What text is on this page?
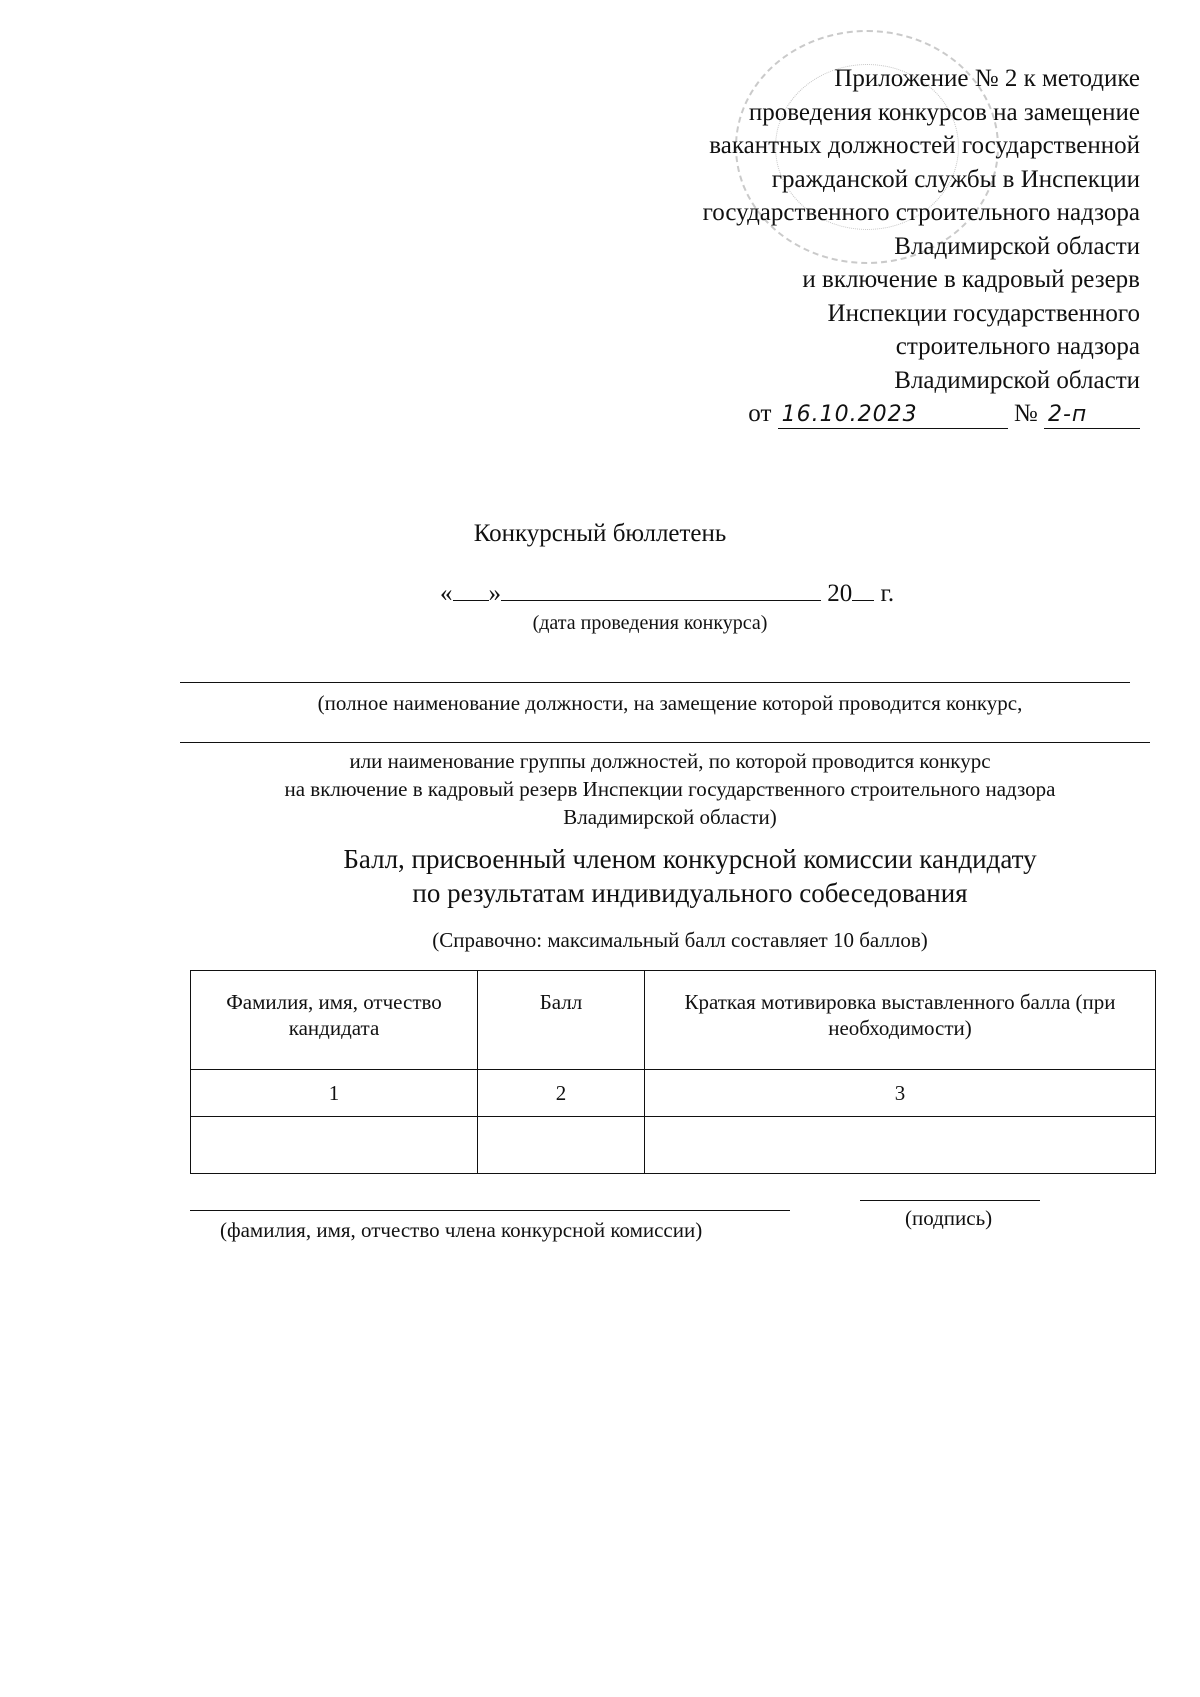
Приложение № 2 к методике
проведения конкурсов на замещение
вакантных должностей государственной
гражданской службы в Инспекции
государственного строительного надзора
Владимирской области
и включение в кадровый резерв
Инспекции государственного
строительного надзора
Владимирской области
от 16.10.2023	№ 2-п
Конкурсный бюллетень
« »	20 г.
(дата проведения конкурса)
(полное наименование должности, на замещение которой проводится конкурс,
или наименование группы должностей, по которой проводится конкурс
на включение в кадровый резерв Инспекции государственного строительного надзора
Владимирской области)
Балл, присвоенный членом конкурсной комиссии кандидату
по результатам индивидуального собеседования
(Справочно: максимальный балл составляет 10 баллов)
Фамилия, имя, отчество кандидата	Балл	Краткая мотивировка выставленного балла (при необходимости)
1	2	3

(фамилия, имя, отчество члена конкурсной комиссии)	(подпись)
